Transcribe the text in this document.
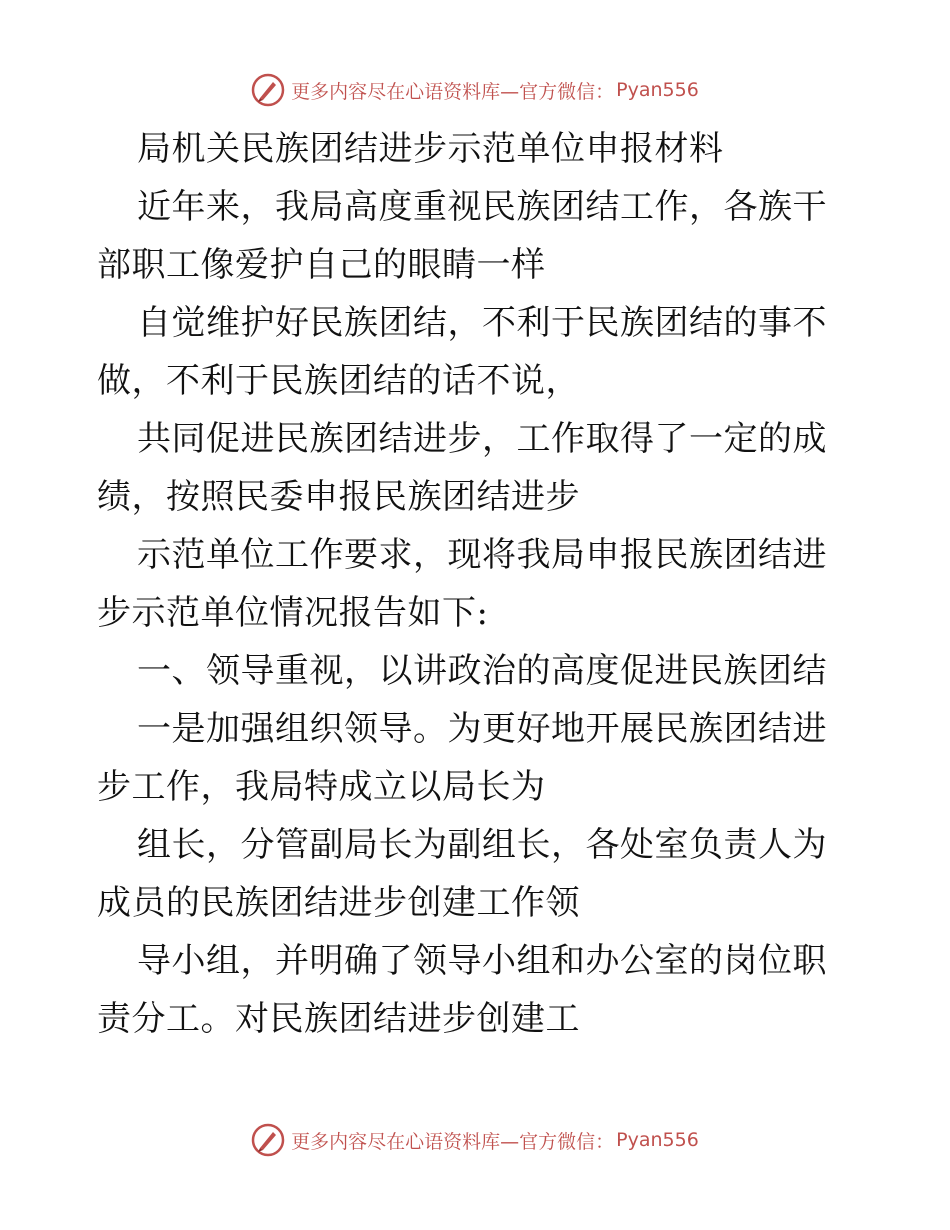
更多内容尽在心语资料库—官方微信： Pyan556

局机关民族团结进步示范单位申报材料

近年来，我局高度重视民族团结工作，各族干部职工像爱护自己的眼睛一样

自觉维护好民族团结，不利于民族团结的事不做，不利于民族团结的话不说，

共同促进民族团结进步，工作取得了一定的成绩，按照民委申报民族团结进步

示范单位工作要求，现将我局申报民族团结进步示范单位情况报告如下:

一、领导重视，以讲政治的高度促进民族团结

一是加强组织领导。为更好地开展民族团结进步工作，我局特成立以局长为

组长，分管副局长为副组长，各处室负责人为成员的民族团结进步创建工作领

导小组，并明确了领导小组和办公室的岗位职责分工。对民族团结进步创建工

更多内容尽在心语资料库—官方微信： Pyan556
